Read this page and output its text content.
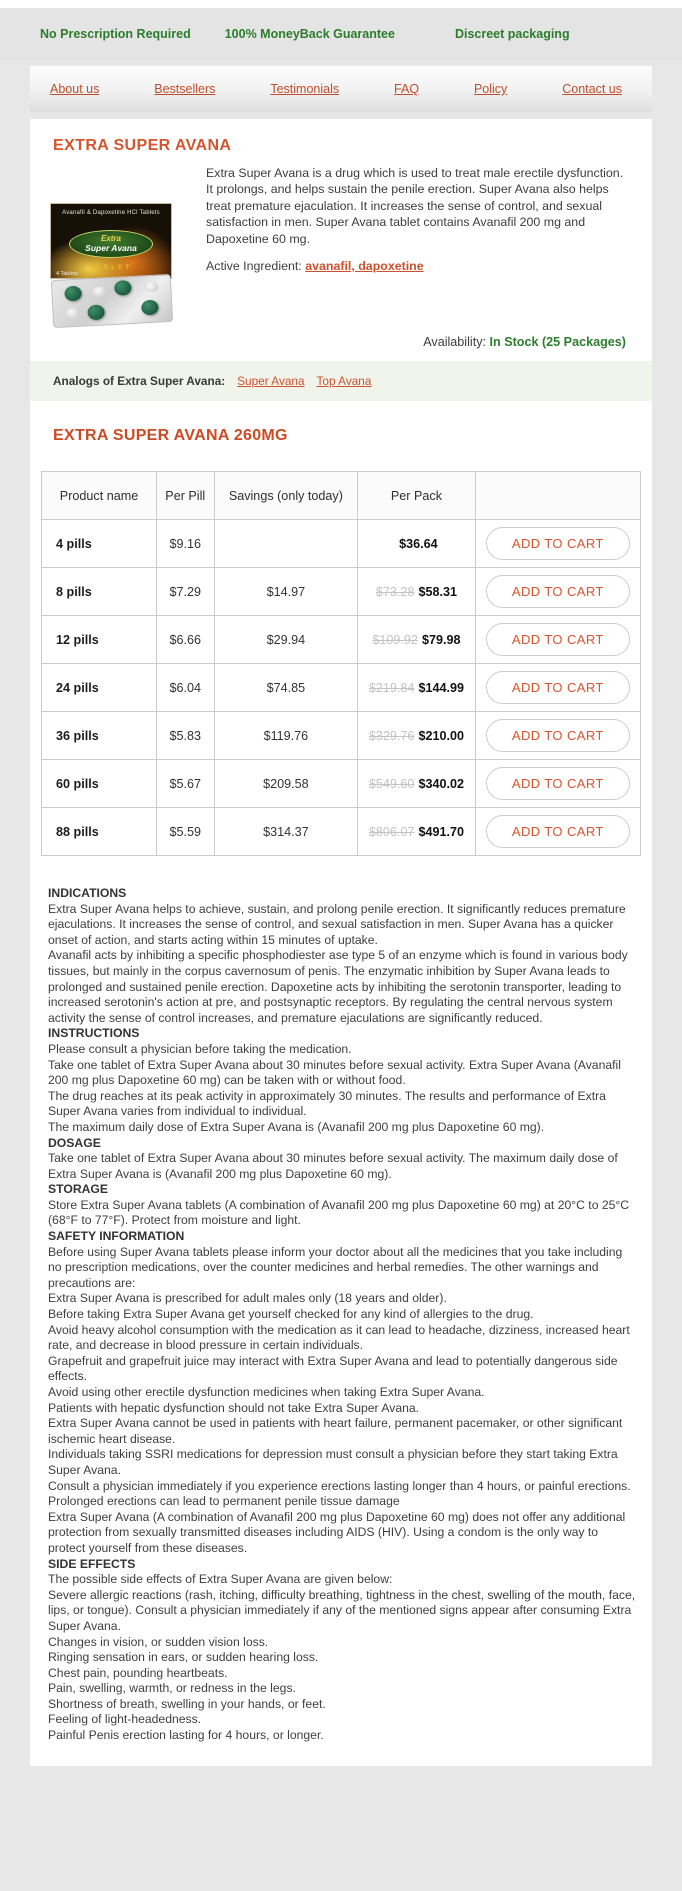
No Prescription Required	100% MoneyBack Guarantee	Discreet packaging
About us	Bestsellers	Testimonials	FAQ	Policy	Contact us
EXTRA SUPER AVANA
Avanafil & Dapoxetine HCl Tablets
Extra
Super Avana
TABLET
4 Tablets

Extra Super Avana is a drug which is used to treat male erectile dysfunction. It prolongs, and helps sustain the penile erection. Super Avana also helps treat premature ejaculation. It increases the sense of control, and sexual satisfaction in men. Super Avana tablet contains Avanafil 200 mg and Dapoxetine 60 mg.

Active Ingredient: avanafil, dapoxetine

Availability: In Stock (25 Packages)
Analogs of Extra Super Avana: Super Avana Top Avana
EXTRA SUPER AVANA 260MG
Product name	Per Pill	Savings (only today)	Per Pack	
4 pills	$9.16		$36.64	ADD TO CART
8 pills	$7.29	$14.97	$73.28 $58.31	ADD TO CART
12 pills	$6.66	$29.94	$109.92 $79.98	ADD TO CART
24 pills	$6.04	$74.85	$219.84 $144.99	ADD TO CART
36 pills	$5.83	$119.76	$329.76 $210.00	ADD TO CART
60 pills	$5.67	$209.58	$549.60 $340.02	ADD TO CART
88 pills	$5.59	$314.37	$806.07 $491.70	ADD TO CART
INDICATIONS

Extra Super Avana helps to achieve, sustain, and prolong penile erection. It significantly reduces premature ejaculations. It increases the sense of control, and sexual satisfaction in men. Super Avana has a quicker onset of action, and starts acting within 15 minutes of uptake.

Avanafil acts by inhibiting a specific phosphodiester ase type 5 of an enzyme which is found in various body tissues, but mainly in the corpus cavernosum of penis. The enzymatic inhibition by Super Avana leads to prolonged and sustained penile erection. Dapoxetine acts by inhibiting the serotonin transporter, leading to increased serotonin's action at pre, and postsynaptic receptors. By regulating the central nervous system activity the sense of control increases, and premature ejaculations are significantly reduced.

INSTRUCTIONS

Please consult a physician before taking the medication.

Take one tablet of Extra Super Avana about 30 minutes before sexual activity. Extra Super Avana (Avanafil 200 mg plus Dapoxetine 60 mg) can be taken with or without food.

The drug reaches at its peak activity in approximately 30 minutes. The results and performance of Extra Super Avana varies from individual to individual.

The maximum daily dose of Extra Super Avana is (Avanafil 200 mg plus Dapoxetine 60 mg).

DOSAGE

Take one tablet of Extra Super Avana about 30 minutes before sexual activity. The maximum daily dose of Extra Super Avana is (Avanafil 200 mg plus Dapoxetine 60 mg).

STORAGE

Store Extra Super Avana tablets (A combination of Avanafil 200 mg plus Dapoxetine 60 mg) at 20°C to 25°C (68°F to 77°F). Protect from moisture and light.

SAFETY INFORMATION

Before using Super Avana tablets please inform your doctor about all the medicines that you take including no prescription medications, over the counter medicines and herbal remedies. The other warnings and precautions are:

Extra Super Avana is prescribed for adult males only (18 years and older).

Before taking Extra Super Avana get yourself checked for any kind of allergies to the drug.

Avoid heavy alcohol consumption with the medication as it can lead to headache, dizziness, increased heart rate, and decrease in blood pressure in certain individuals.

Grapefruit and grapefruit juice may interact with Extra Super Avana and lead to potentially dangerous side effects.

Avoid using other erectile dysfunction medicines when taking Extra Super Avana.

Patients with hepatic dysfunction should not take Extra Super Avana.

Extra Super Avana cannot be used in patients with heart failure, permanent pacemaker, or other significant ischemic heart disease.

Individuals taking SSRI medications for depression must consult a physician before they start taking Extra Super Avana.

Consult a physician immediately if you experience erections lasting longer than 4 hours, or painful erections. Prolonged erections can lead to permanent penile tissue damage

Extra Super Avana (A combination of Avanafil 200 mg plus Dapoxetine 60 mg) does not offer any additional protection from sexually transmitted diseases including AIDS (HIV). Using a condom is the only way to protect yourself from these diseases.

SIDE EFFECTS

The possible side effects of Extra Super Avana are given below:

Severe allergic reactions (rash, itching, difficulty breathing, tightness in the chest, swelling of the mouth, face, lips, or tongue). Consult a physician immediately if any of the mentioned signs appear after consuming Extra Super Avana.

Changes in vision, or sudden vision loss.

Ringing sensation in ears, or sudden hearing loss.

Chest pain, pounding heartbeats.

Pain, swelling, warmth, or redness in the legs.

Shortness of breath, swelling in your hands, or feet.

Feeling of light-headedness.

Painful Penis erection lasting for 4 hours, or longer.
